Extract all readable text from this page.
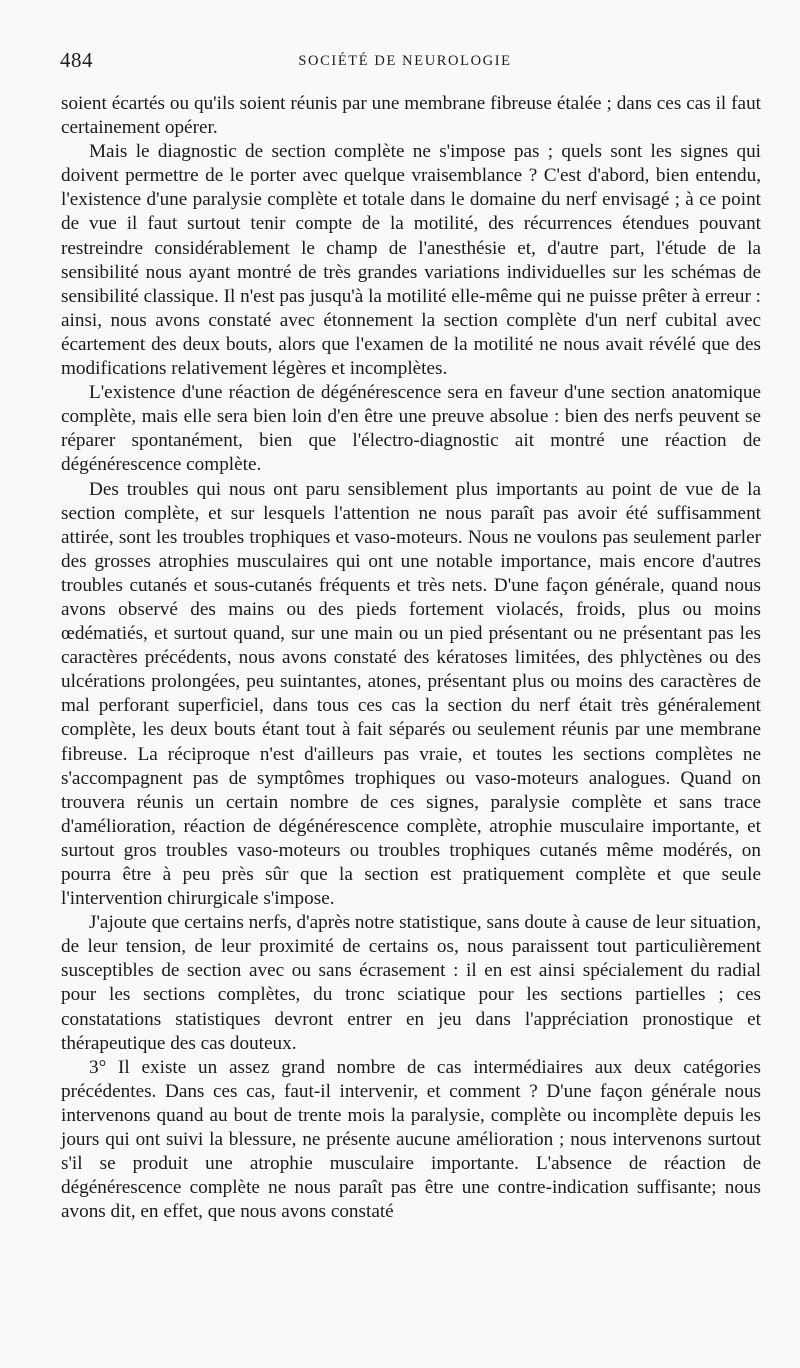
484	SOCIÉTÉ DE NEUROLOGIE

soient écartés ou qu'ils soient réunis par une membrane fibreuse étalée ; dans ces cas il faut certainement opérer.

Mais le diagnostic de section complète ne s'impose pas ; quels sont les signes qui doivent permettre de le porter avec quelque vraisemblance ? C'est d'abord, bien entendu, l'existence d'une paralysie complète et totale dans le domaine du nerf envisagé ; à ce point de vue il faut surtout tenir compte de la motilité, des récurrences étendues pouvant restreindre considérablement le champ de l'anesthésie et, d'autre part, l'étude de la sensibilité nous ayant montré de très grandes variations individuelles sur les schémas de sensibilité classique. Il n'est pas jusqu'à la motilité elle-même qui ne puisse prêter à erreur : ainsi, nous avons constaté avec étonnement la section complète d'un nerf cubital avec écartement des deux bouts, alors que l'examen de la motilité ne nous avait révélé que des modifications relativement légères et incomplètes.

L'existence d'une réaction de dégénérescence sera en faveur d'une section anatomique complète, mais elle sera bien loin d'en être une preuve absolue : bien des nerfs peuvent se réparer spontanément, bien que l'électro-diagnostic ait montré une réaction de dégénérescence complète.

Des troubles qui nous ont paru sensiblement plus importants au point de vue de la section complète, et sur lesquels l'attention ne nous paraît pas avoir été suffisamment attirée, sont les troubles trophiques et vaso-moteurs. Nous ne voulons pas seulement parler des grosses atrophies musculaires qui ont une notable importance, mais encore d'autres troubles cutanés et sous-cutanés fréquents et très nets. D'une façon générale, quand nous avons observé des mains ou des pieds fortement violacés, froids, plus ou moins œdématiés, et surtout quand, sur une main ou un pied présentant ou ne présentant pas les caractères précédents, nous avons constaté des kératoses limitées, des phlyctènes ou des ulcérations prolongées, peu suintantes, atones, présentant plus ou moins des caractères de mal perforant superficiel, dans tous ces cas la section du nerf était très généralement complète, les deux bouts étant tout à fait séparés ou seulement réunis par une membrane fibreuse. La réciproque n'est d'ailleurs pas vraie, et toutes les sections complètes ne s'accompagnent pas de symptômes trophiques ou vaso-moteurs analogues. Quand on trouvera réunis un certain nombre de ces signes, paralysie complète et sans trace d'amélioration, réaction de dégénérescence complète, atrophie musculaire importante, et surtout gros troubles vaso-moteurs ou troubles trophiques cutanés même modérés, on pourra être à peu près sûr que la section est pratiquement complète et que seule l'intervention chirurgicale s'impose.

J'ajoute que certains nerfs, d'après notre statistique, sans doute à cause de leur situation, de leur tension, de leur proximité de certains os, nous paraissent tout particulièrement susceptibles de section avec ou sans écrasement : il en est ainsi spécialement du radial pour les sections complètes, du tronc sciatique pour les sections partielles ; ces constatations statistiques devront entrer en jeu dans l'appréciation pronostique et thérapeutique des cas douteux.

3° Il existe un assez grand nombre de cas intermédiaires aux deux catégories précédentes. Dans ces cas, faut-il intervenir, et comment ? D'une façon générale nous intervenons quand au bout de trente mois la paralysie, complète ou incomplète depuis les jours qui ont suivi la blessure, ne présente aucune amélioration ; nous intervenons surtout s'il se produit une atrophie musculaire importante. L'absence de réaction de dégénérescence complète ne nous paraît pas être une contre-indication suffisante; nous avons dit, en effet, que nous avons constaté
